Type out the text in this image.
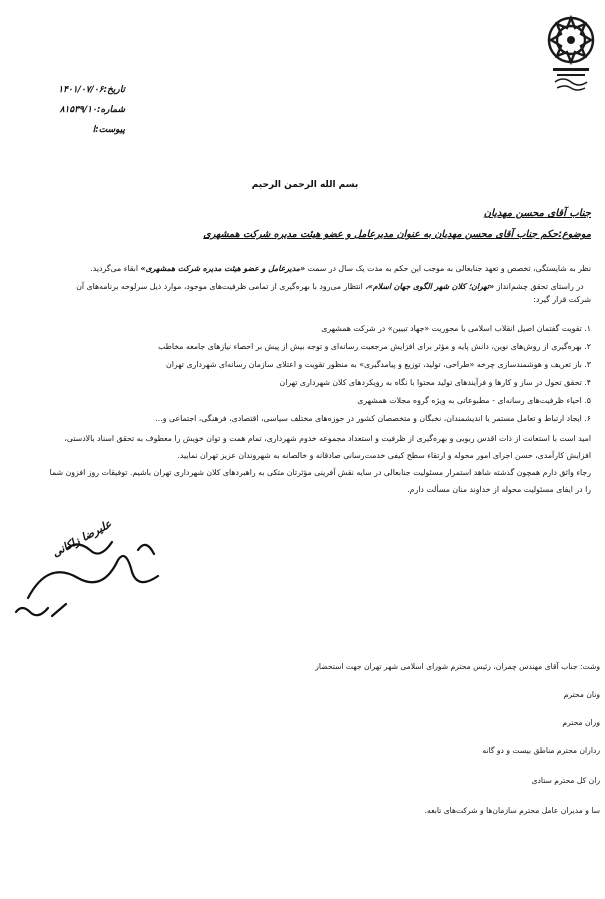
تاریخ:۱۴۰۱/۰۷/۰۶
شماره:۸۱۵۳۹/۱۰
پیوست:ا
بسم الله الرحمن الرحیم
جناب آقای محسن مهدیان
موضوع:حکم جناب آقای محسن مهدیان به عنوان مدیرعامل و عضو هیئت مدیره شرکت همشهری

نظر به شایستگی، تخصص و تعهد جنابعالی به موجب این حکم به مدت یک سال در سمت «مدیرعامل و عضو هیئت مدیره شرکت همشهری» ابقاء می‌گردید.

در راستای تحقق چشم‌انداز «تهران؛ کلان شهر الگوی جهان اسلام»، انتظار می‌رود با بهره‌گیری از تمامی ظرفیت‌های موجود، موارد ذیل سرلوحه برنامه‌های آن

شرکت قرار گیرد:

۱. تقویت گفتمان اصیل انقلاب اسلامی با محوریت «جهاد تبیین» در شرکت همشهری
۲. بهره‌گیری از روش‌های نوین، دانش پایه و مؤثر برای افزایش مرجعیت رسانه‌ای و توجه بیش از پیش بر احصاء نیازهای جامعه مخاطب
۳. باز تعریف و هوشمندسازی چرخه «طراحی، تولید، توزیع و پیامدگیری» به منظور تقویت و اعتلای سازمان رسانه‌ای شهرداری تهران
۴. تحقق تحول در ساز و کارها و فرآیندهای تولید محتوا با نگاه به رویکردهای کلان شهرداری تهران
۵. احیاء ظرفیت‌های رسانه‌ای - مطبوعاتی به ویژه گروه مجلات همشهری
۶. ایجاد ارتباط و تعامل مستمر با اندیشمندان، نخبگان و متخصصان کشور در حوزه‌های مختلف سیاسی، اقتصادی، فرهنگی، اجتماعی و...

امید است با استعانت از ذات اقدس ربوبی و بهره‌گیری از ظرفیت و استعداد مجموعه خدوم شهرداری، تمام همت و توان خویش را معطوف به تحقق اسناد بالادستی،

افزایش کارآمدی، حسن اجرای امور محوله و ارتقاء سطح کیفی خدمت‌رسانی صادقانه و خالصانه به شهروندان عزیز تهران نمایید.

رجاء واثق دارم همچون گذشته شاهد استمرار مسئولیت جنابعالی در سایه نقش آفرینی مؤثرتان متکی به راهبردهای کلان شهرداری تهران باشیم. توفیقات روز افزون شما

را در ایفای مسئولیت محوله از خداوند منان مسألت دارم.

علیرضا زاکانی
وشت: جناب آقای مهندس چمران، رئیس محترم شورای اسلامی شهر تهران جهت استحضار
ونان محترم
وران محترم
رداران محترم مناطق بیست و دو گانه
ران کل محترم ستادی
سا و مدیران عامل محترم سازمان‌ها و شرکت‌های تابعه.
